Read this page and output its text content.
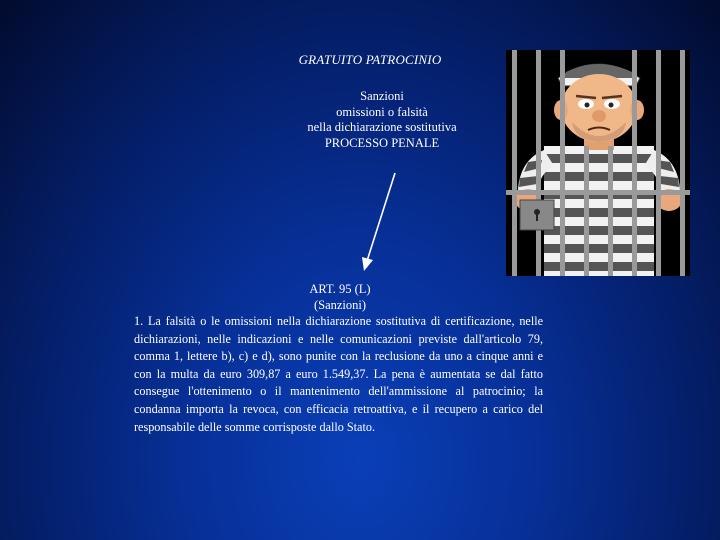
GRATUITO PATROCINIO
Sanzioni
omissioni o falsità
nella dichiarazione sostitutiva
PROCESSO PENALE
ART. 95 (L)
(Sanzioni)
1. La falsità o le omissioni nella dichiarazione sostitutiva di certificazione, nelle dichiarazioni, nelle indicazioni e nelle comunicazioni previste dall'articolo 79, comma 1, lettere b), c) e d), sono punite con la reclusione da uno a cinque anni e con la multa da euro 309,87 a euro 1.549,37. La pena è aumentata se dal fatto consegue l'ottenimento o il mantenimento dell'ammissione al patrocinio; la condanna importa la revoca, con efficacia retroattiva, e il recupero a carico del responsabile delle somme corrisposte dallo Stato.
